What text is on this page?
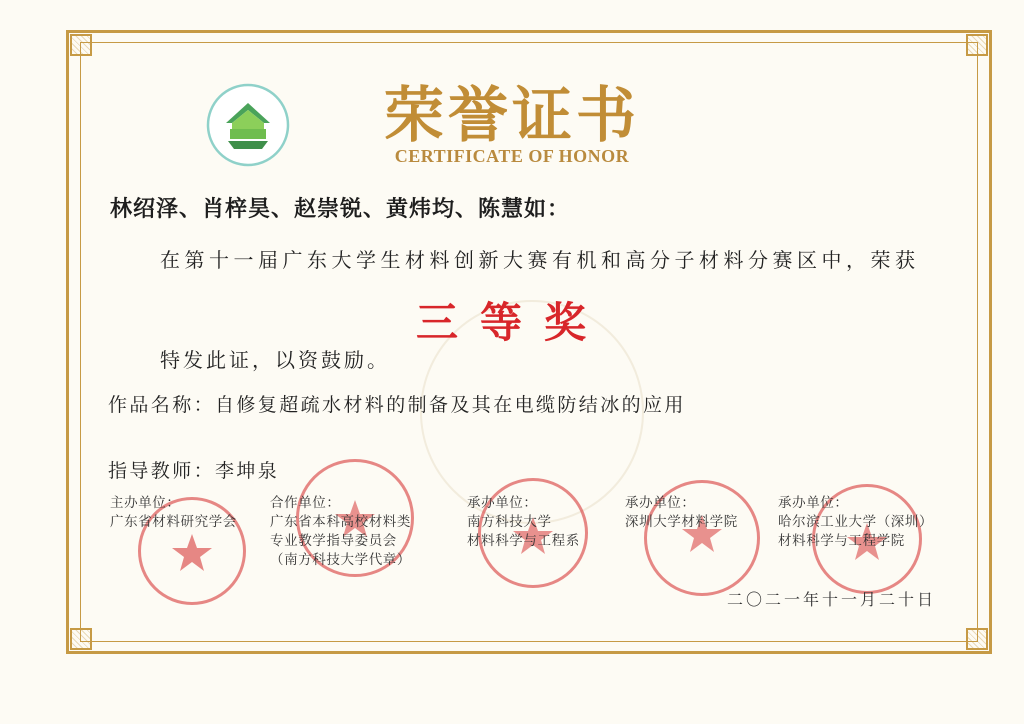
荣誉证书
CERTIFICATE OF HONOR
林绍泽、肖梓昊、赵崇锐、黄炜均、陈慧如：
在第十一届广东大学生材料创新大赛有机和高分子材料分赛区中，荣获
三等奖
特发此证，以资鼓励。
作品名称：自修复超疏水材料的制备及其在电缆防结冰的应用
指导教师：李坤泉
主办单位：
广东省材料研究学会
合作单位：
广东省本科高校材料类
专业教学指导委员会
（南方科技大学代章）
承办单位：
南方科技大学
材料科学与工程系
承办单位：
深圳大学材料学院
承办单位：
哈尔滨工业大学（深圳）
材料科学与工程学院
二〇二一年十一月二十日
